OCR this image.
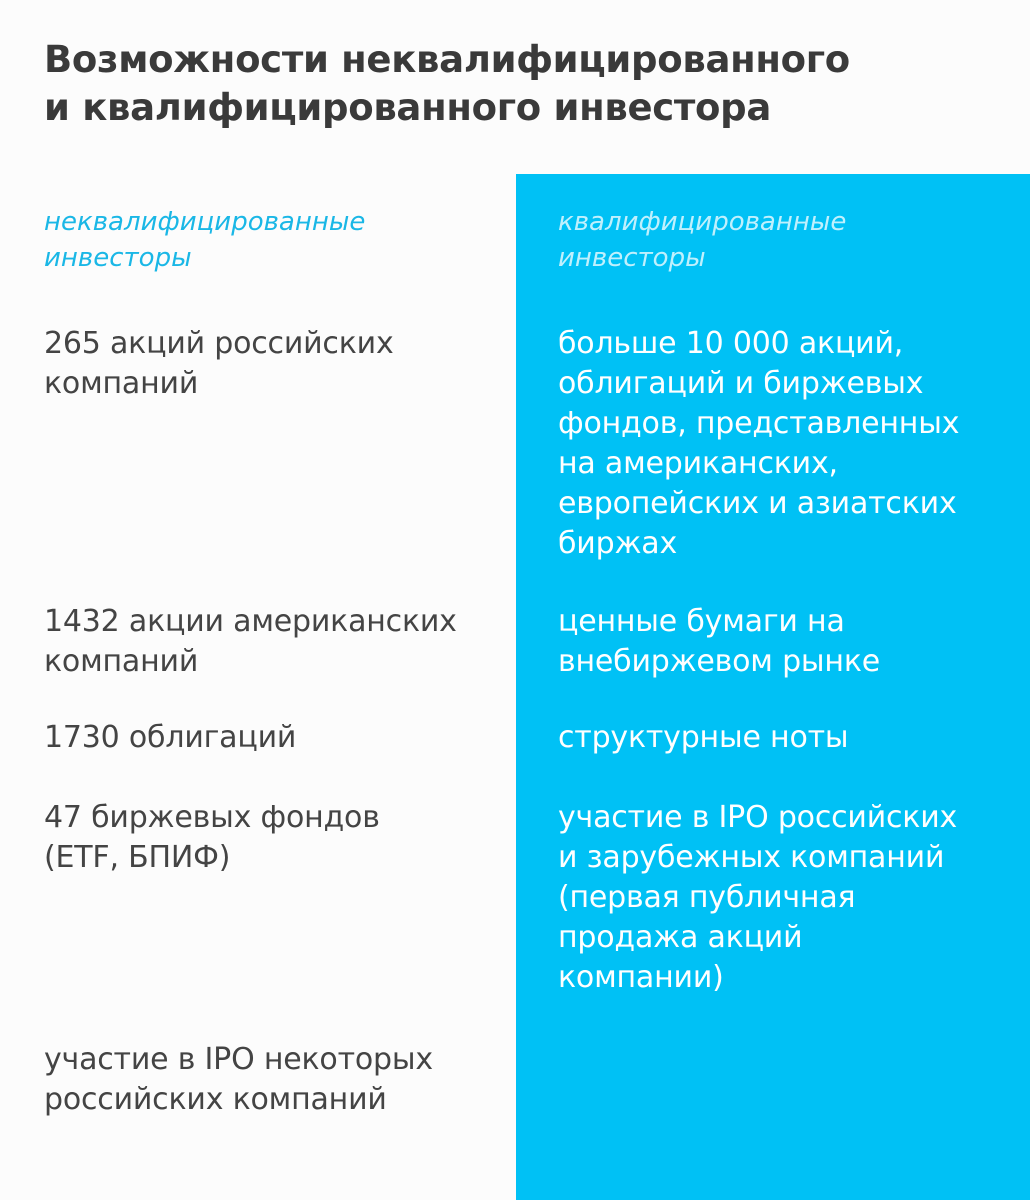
Возможности неквалифицированного
и квалифицированного инвестора

неквалифицированные
инвесторы

квалифицированные
инвесторы

265 акций российских
компаний

больше 10 000 акций,
облигаций и биржевых
фондов, представленных
на американских,
европейских и азиатских
биржах

1432 акции американских
компаний

ценные бумаги на
внебиржевом рынке

1730 облигаций	структурные ноты

47 биржевых фондов
(ETF, БПИФ)

участие в IPO российских
и зарубежных компаний
(первая публичная
продажа акций
компании)

участие в IPO некоторых
российских компаний
